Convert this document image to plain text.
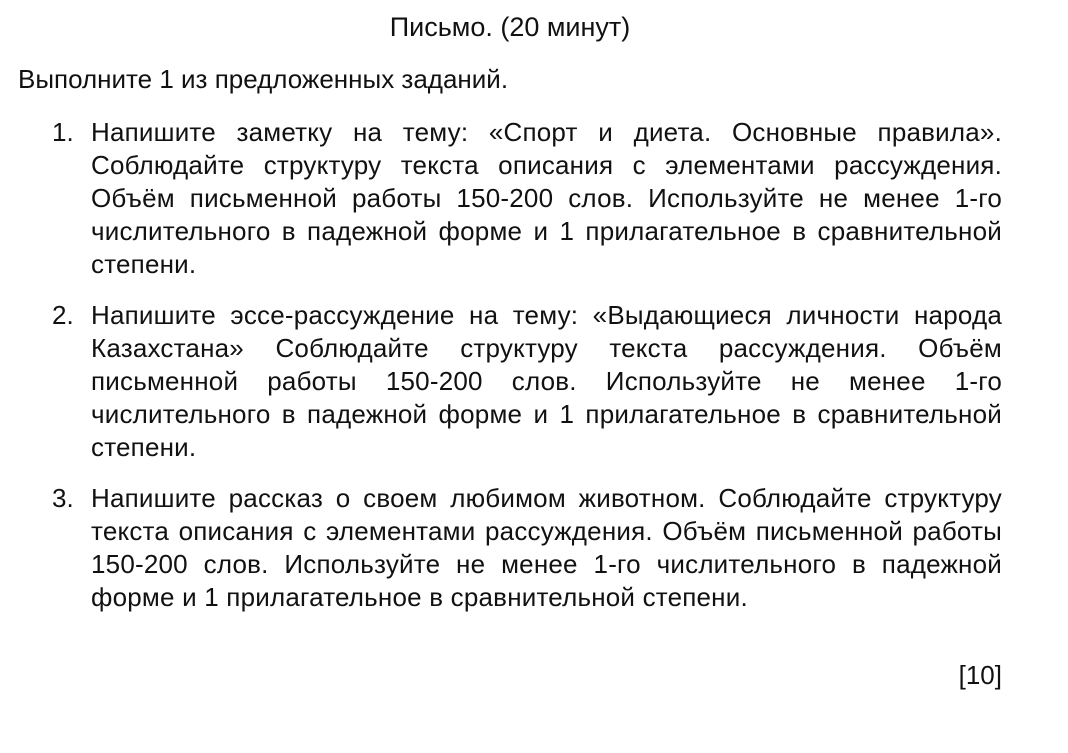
Письмо. (20 минут)
Выполните 1 из предложенных заданий.
1. Напишите заметку на тему: «Спорт и диета. Основные правила». Соблюдайте структуру текста описания с элементами рассуждения. Объём письменной работы 150-200 слов. Используйте не менее 1-го числительного в падежной форме и 1 прилагательное в сравнительной степени.
2. Напишите эссе-рассуждение на тему: «Выдающиеся личности народа Казахстана» Соблюдайте структуру текста рассуждения. Объём письменной работы 150-200 слов. Используйте не менее 1-го числительного в падежной форме и 1 прилагательное в сравнительной степени.
3. Напишите рассказ о своем любимом животном. Соблюдайте структуру текста описания с элементами рассуждения. Объём письменной работы 150-200 слов. Используйте не менее 1-го числительного в падежной форме и 1 прилагательное в сравнительной степени.
[10]
